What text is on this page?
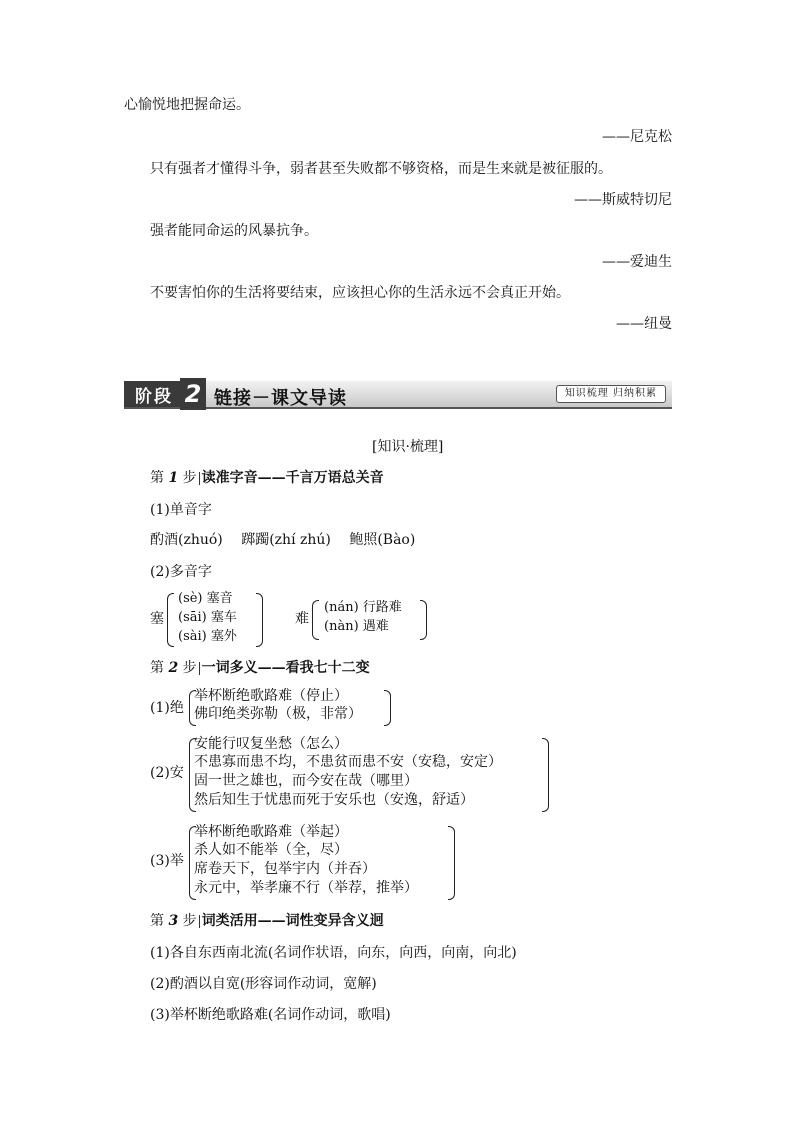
心愉悦地把握命运。
——尼克松
只有强者才懂得斗争，弱者甚至失败都不够资格，而是生来就是被征服的。
——斯威特切尼
强者能同命运的风暴抗争。
——爱迪生
不要害怕你的生活将要结束，应该担心你的生活永远不会真正开始。
——纽曼
阶段 2 链接－课文导读	知识梳理 归纳积累
[知识·梳理]
第 1 步 读准字音——千言万语总关音
(1)单音字
酌酒(zhuó)　 踯躅(zhí zhú)　 鲍照(Bào)
(2)多音字
塞
(sè) 塞音
(sāi) 塞车
(sài) 塞外
难
(nán) 行路难
(nàn) 遇难
第 2 步 一词多义——看我七十二变
(1)绝
举杯断绝歌路难（停止）
佛印绝类弥勒（极，非常）
(2)安
安能行叹复坐愁（怎么）
不患寡而患不均，不患贫而患不安（安稳，安定）
固一世之雄也，而今安在哉（哪里）
然后知生于忧患而死于安乐也（安逸，舒适）
(3)举
举杯断绝歌路难（举起）
杀人如不能举（全，尽）
席卷天下，包举宇内（并吞）
永元中，举孝廉不行（举荐，推举）
第 3 步 词类活用——词性变异含义迥
(1)各自东西南北流(名词作状语，向东，向西，向南，向北)
(2)酌酒以自宽(形容词作动词，宽解)
(3)举杯断绝歌路难(名词作动词，歌唱)
